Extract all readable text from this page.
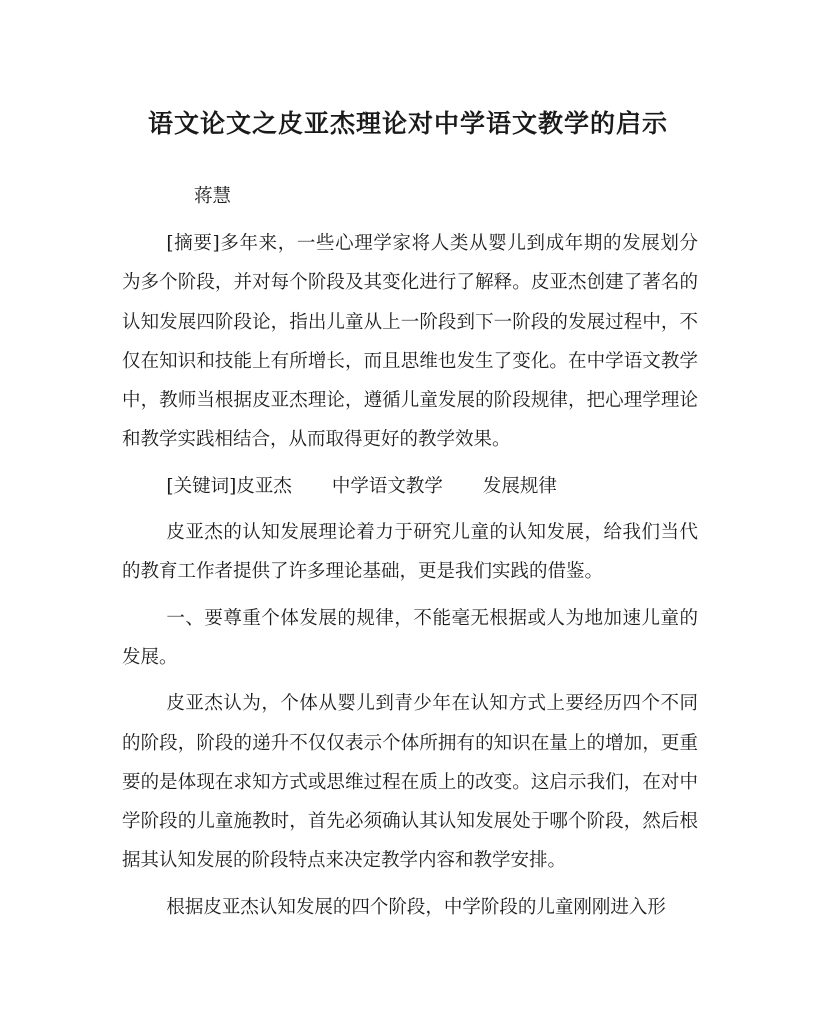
语文论文之皮亚杰理论对中学语文教学的启示
蒋慧

[摘要]多年来，一些心理学家将人类从婴儿到成年期的发展划分为多个阶段，并对每个阶段及其变化进行了解释。皮亚杰创建了著名的认知发展四阶段论，指出儿童从上一阶段到下一阶段的发展过程中，不仅在知识和技能上有所增长，而且思维也发生了变化。在中学语文教学中，教师当根据皮亚杰理论，遵循儿童发展的阶段规律，把心理学理论和教学实践相结合，从而取得更好的教学效果。

[关键词]皮亚杰 中学语文教学 发展规律

皮亚杰的认知发展理论着力于研究儿童的认知发展，给我们当代的教育工作者提供了许多理论基础，更是我们实践的借鉴。

一、要尊重个体发展的规律，不能毫无根据或人为地加速儿童的发展。

皮亚杰认为，个体从婴儿到青少年在认知方式上要经历四个不同的阶段，阶段的递升不仅仅表示个体所拥有的知识在量上的增加，更重要的是体现在求知方式或思维过程在质上的改变。这启示我们，在对中学阶段的儿童施教时，首先必须确认其认知发展处于哪个阶段，然后根据其认知发展的阶段特点来决定教学内容和教学安排。

根据皮亚杰认知发展的四个阶段，中学阶段的儿童刚刚进入形
